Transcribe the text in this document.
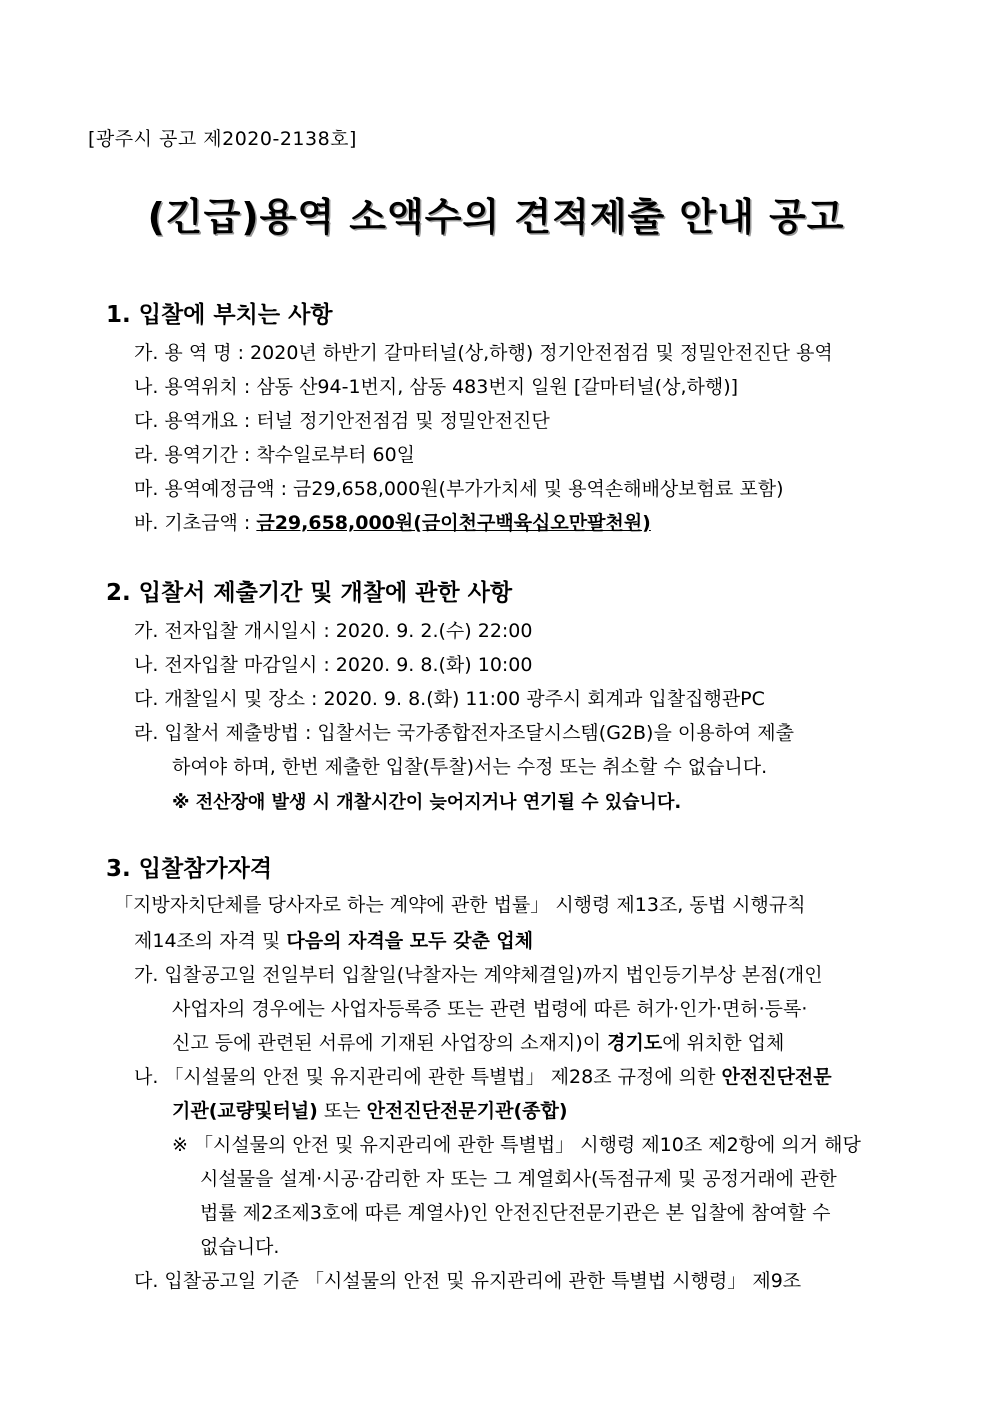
[광주시 공고 제2020-2138호]
(긴급)용역 소액수의 견적제출 안내 공고
1. 입찰에 부치는 사항
가. 용 역 명 : 2020년 하반기 갈마터널(상,하행) 정기안전점검 및 정밀안전진단 용역
나. 용역위치 : 삼동 산94-1번지, 삼동 483번지 일원 [갈마터널(상,하행)]
다. 용역개요 : 터널 정기안전점검 및 정밀안전진단
라. 용역기간 : 착수일로부터 60일
마. 용역예정금액 : 금29,658,000원(부가가치세 및 용역손해배상보험료 포함)
바. 기초금액 : 금29,658,000원(금이천구백육십오만팔천원)
2. 입찰서 제출기간 및 개찰에 관한 사항
가. 전자입찰 개시일시 : 2020. 9. 2.(수) 22:00
나. 전자입찰 마감일시 : 2020. 9. 8.(화) 10:00
다. 개찰일시 및 장소 : 2020. 9. 8.(화) 11:00 광주시 회계과 입찰집행관PC
라. 입찰서 제출방법 : 입찰서는 국가종합전자조달시스템(G2B)을 이용하여 제출
하여야 하며, 한번 제출한 입찰(투찰)서는 수정 또는 취소할 수 없습니다.
※ 전산장애 발생 시 개찰시간이 늦어지거나 연기될 수 있습니다.
3. 입찰참가자격
「지방자치단체를 당사자로 하는 계약에 관한 법률」 시행령 제13조, 동법 시행규칙
제14조의 자격 및 다음의 자격을 모두 갖춘 업체
가. 입찰공고일 전일부터 입찰일(낙찰자는 계약체결일)까지 법인등기부상 본점(개인
사업자의 경우에는 사업자등록증 또는 관련 법령에 따른 허가·인가·면허·등록·
신고 등에 관련된 서류에 기재된 사업장의 소재지)이 경기도에 위치한 업체
나. 「시설물의 안전 및 유지관리에 관한 특별법」 제28조 규정에 의한 안전진단전문
기관(교량및터널) 또는 안전진단전문기관(종합)
※ 「시설물의 안전 및 유지관리에 관한 특별법」 시행령 제10조 제2항에 의거 해당
시설물을 설계·시공·감리한 자 또는 그 계열회사(독점규제 및 공정거래에 관한
법률 제2조제3호에 따른 계열사)인 안전진단전문기관은 본 입찰에 참여할 수
없습니다.
다. 입찰공고일 기준 「시설물의 안전 및 유지관리에 관한 특별법 시행령」 제9조
